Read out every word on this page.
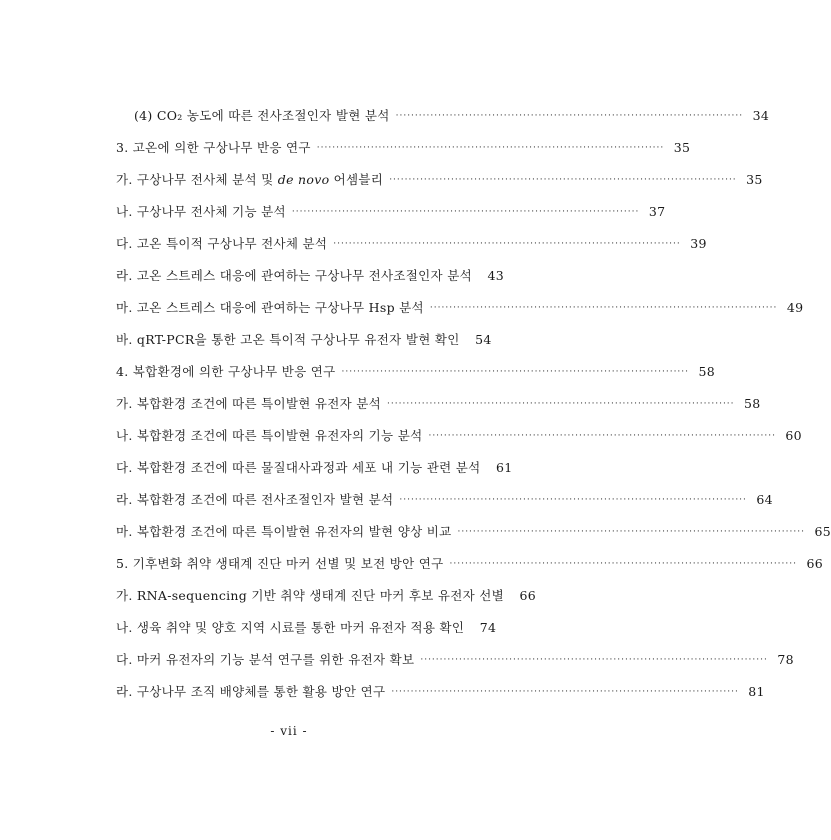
(4) CO₂ 농도에 따른 전사조절인자 발현 분석 ·························································································· 34
3. 고온에 의한 구상나무 반응 연구 ·························································································· 35
가. 구상나무 전사체 분석 및 de novo 어셈블리 ·························································································· 35
나. 구상나무 전사체 기능 분석 ·························································································· 37
다. 고온 특이적 구상나무 전사체 분석 ·························································································· 39
라. 고온 스트레스 대응에 관여하는 구상나무 전사조절인자 분석	43
마. 고온 스트레스 대응에 관여하는 구상나무 Hsp 분석 ·························································································· 49
바. qRT-PCR을 통한 고온 특이적 구상나무 유전자 발현 확인	54
4. 복합환경에 의한 구상나무 반응 연구 ·························································································· 58
가. 복합환경 조건에 따른 특이발현 유전자 분석 ·························································································· 58
나. 복합환경 조건에 따른 특이발현 유전자의 기능 분석 ·························································································· 60
다. 복합환경 조건에 따른 물질대사과정과 세포 내 기능 관련 분석	61
라. 복합환경 조건에 따른 전사조절인자 발현 분석 ·························································································· 64
마. 복합환경 조건에 따른 특이발현 유전자의 발현 양상 비교 ·························································································· 65
5. 기후변화 취약 생태계 진단 마커 선별 및 보전 방안 연구 ·························································································· 66
가. RNA-sequencing 기반 취약 생태계 진단 마커 후보 유전자 선별	66
나. 생육 취약 및 양호 지역 시료를 통한 마커 유전자 적용 확인	74
다. 마커 유전자의 기능 분석 연구를 위한 유전자 확보 ·························································································· 78
라. 구상나무 조직 배양체를 통한 활용 방안 연구 ·························································································· 81
- vii -
